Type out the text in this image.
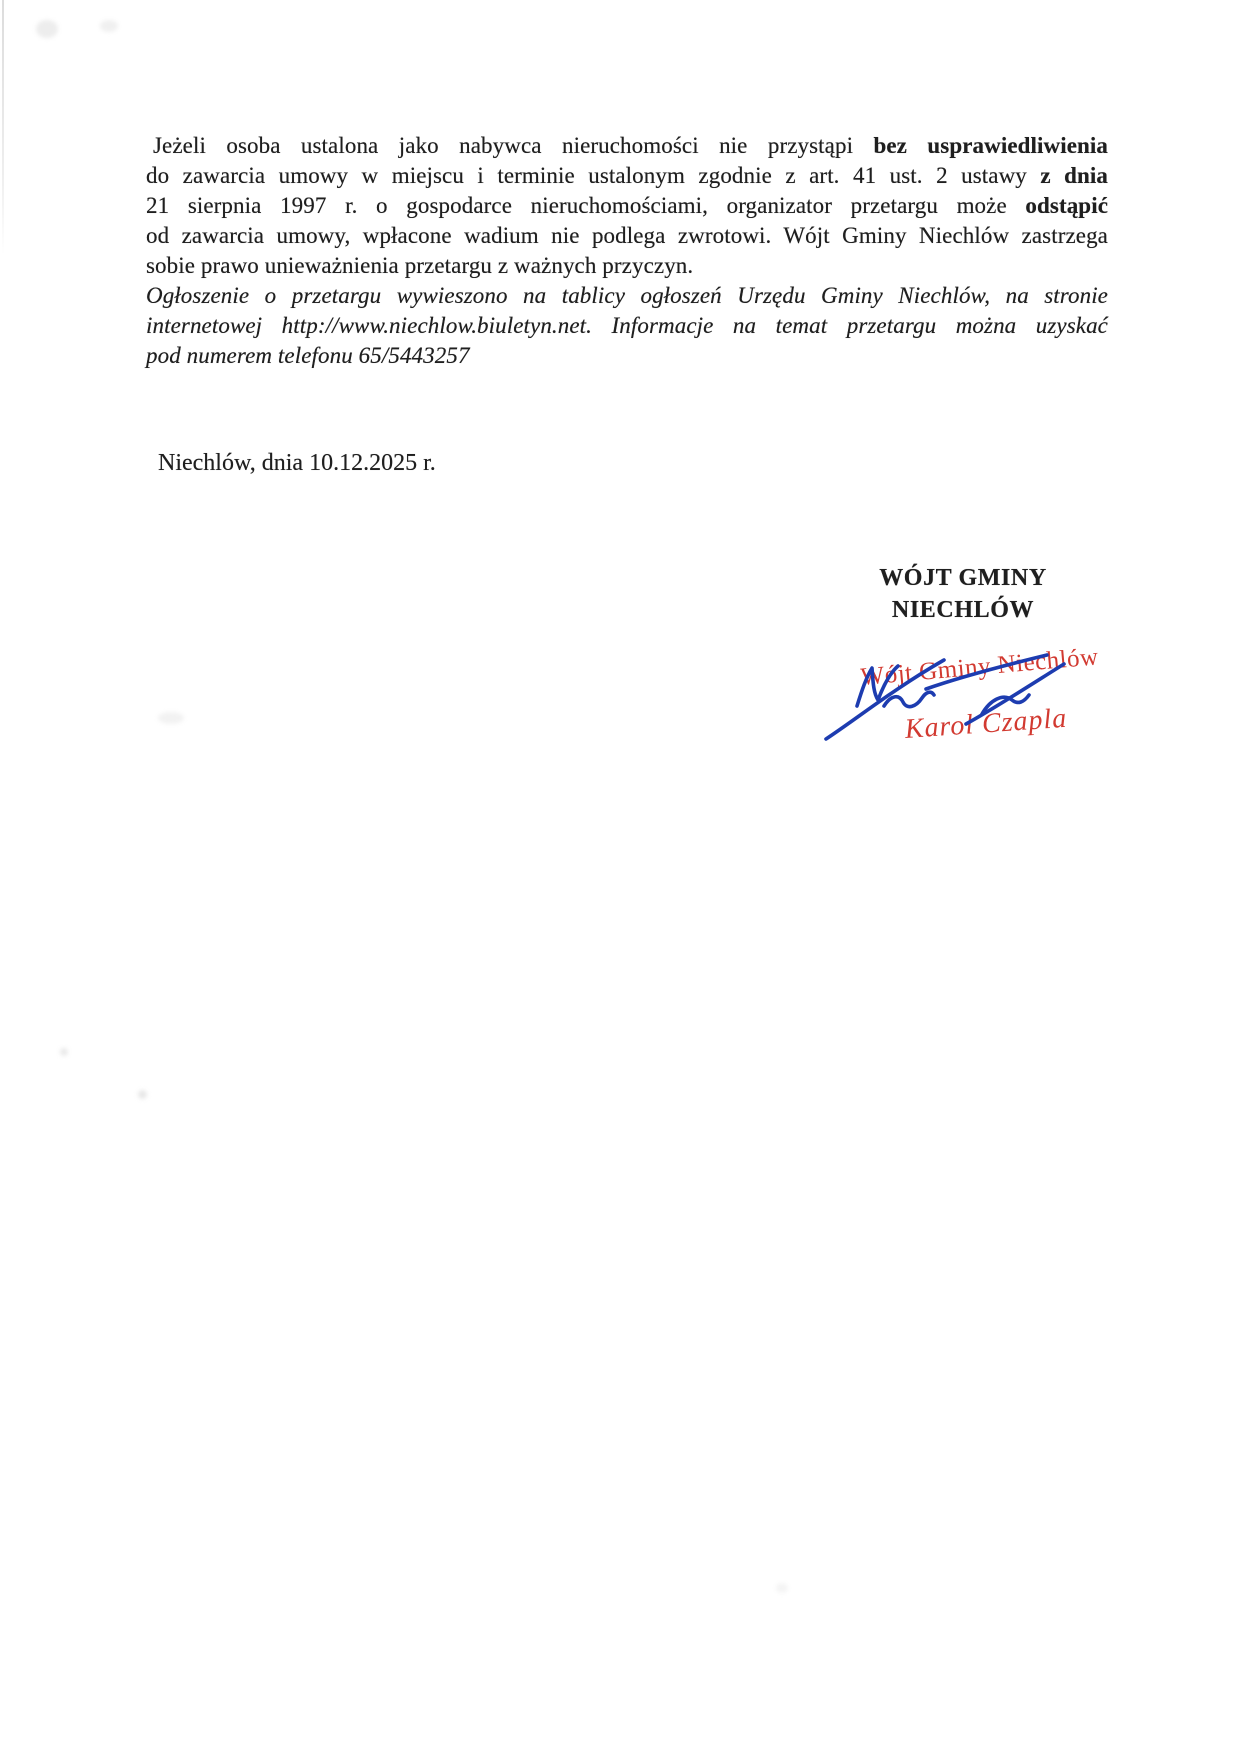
Jeżeli osoba ustalona jako nabywca nieruchomości nie przystąpi bez usprawiedliwienia
do zawarcia umowy w miejscu i terminie ustalonym zgodnie z art. 41 ust. 2 ustawy z dnia
21 sierpnia 1997 r. o gospodarce nieruchomościami, organizator przetargu może odstąpić
od zawarcia umowy, wpłacone wadium nie podlega zwrotowi. Wójt Gminy Niechlów zastrzega
sobie prawo unieważnienia przetargu z ważnych przyczyn.

Ogłoszenie o przetargu wywieszono na tablicy ogłoszeń Urzędu Gminy Niechlów, na stronie
internetowej http://www.niechlow.biuletyn.net. Informacje na temat przetargu można uzyskać
pod numerem telefonu 65/5443257

Niechlów, dnia 10.12.2025 r.
WÓJT GMINY
NIECHLÓW
Wójt Gminy Niechlów
Karol Czapla
